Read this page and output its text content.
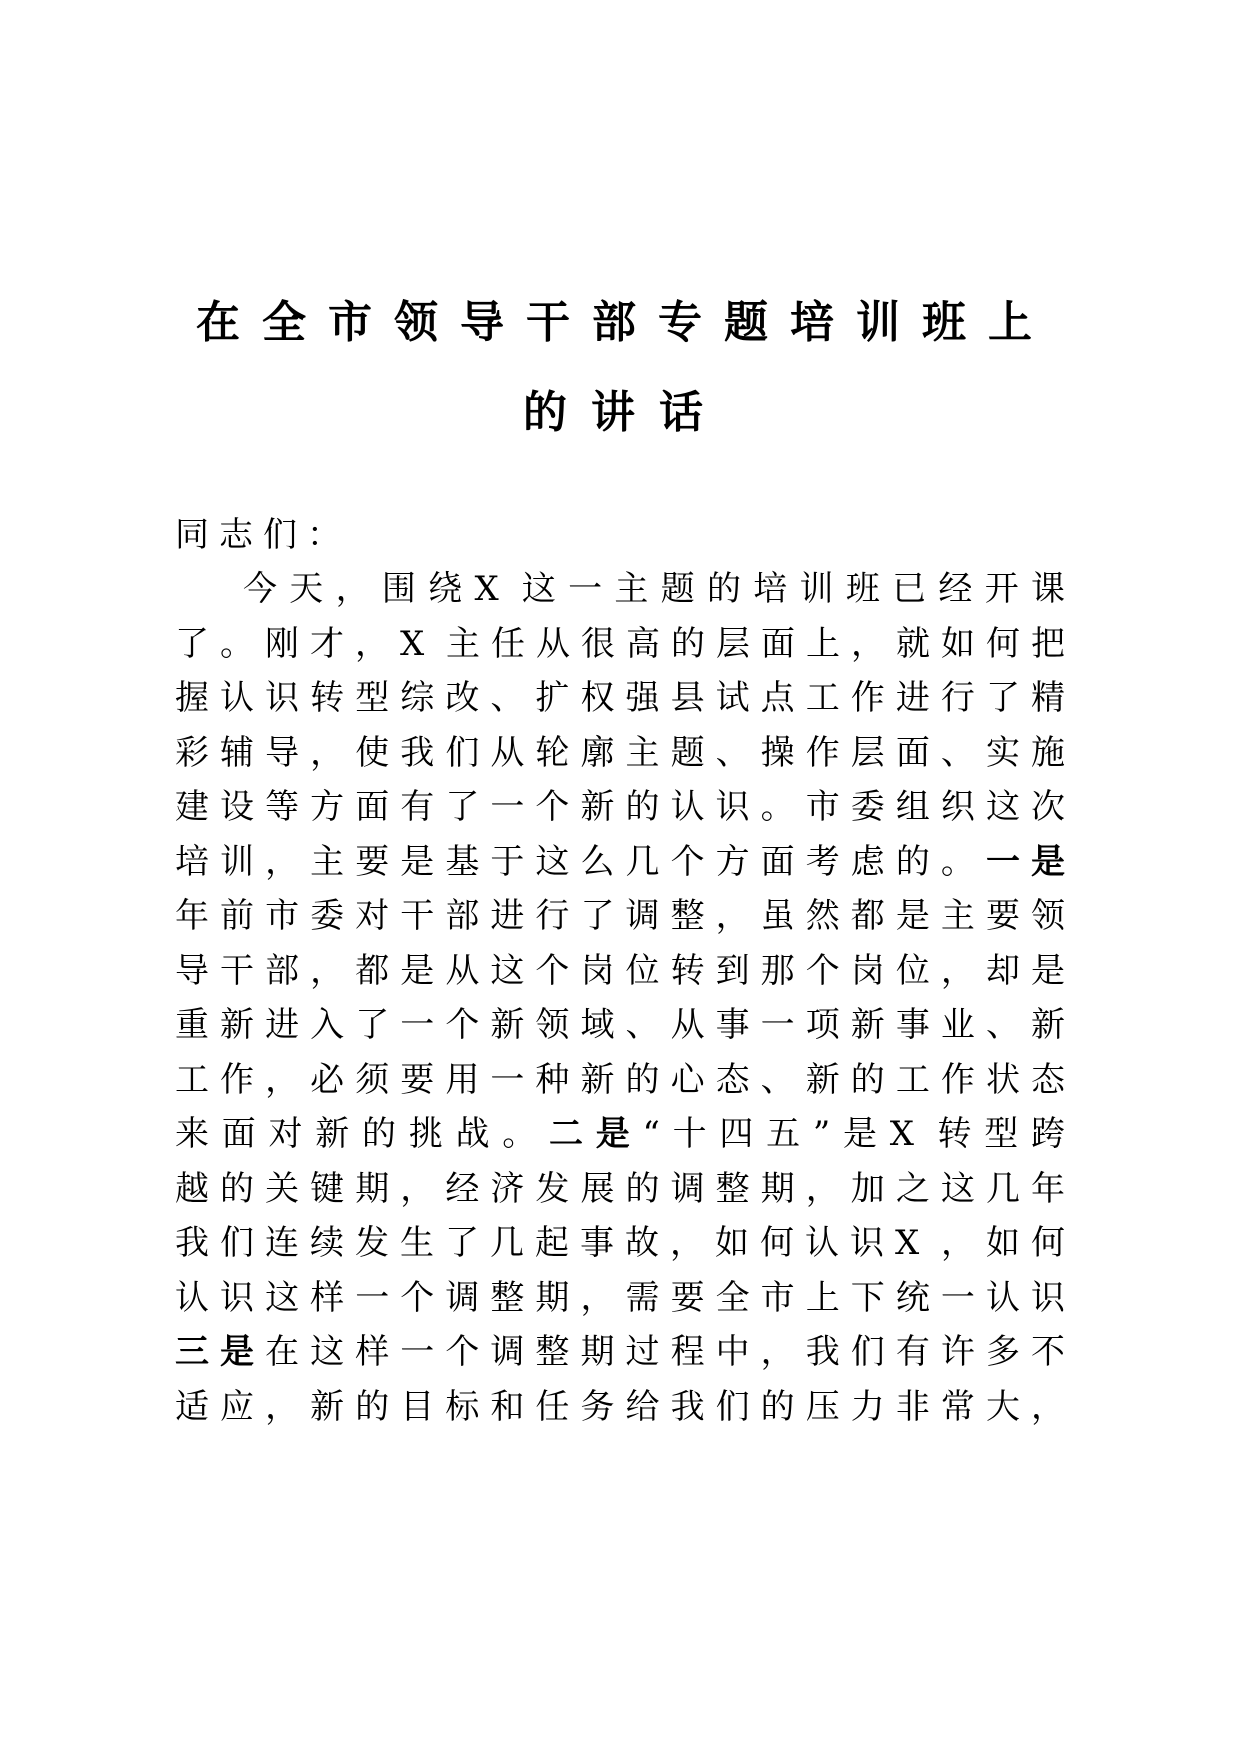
在全市领导干部专题培训班上
的讲话
同志们：
今天，围绕X 这一主题的培训班已经开课
了。刚才，X 主任从很高的层面上，就如何把
握认识转型综改、扩权强县试点工作进行了精
彩辅导，使我们从轮廓主题、操作层面、实施
建设等方面有了一个新的认识。市委组织这次
培训，主要是基于这么几个方面考虑的。一是
年前市委对干部进行了调整，虽然都是主要领
导干部，都是从这个岗位转到那个岗位，却是
重新进入了一个新领域、从事一项新事业、新
工作，必须要用一种新的心态、新的工作状态
来面对新的挑战。二是“十四五”是X 转型跨
越的关键期，经济发展的调整期，加之这几年
我们连续发生了几起事故，如何认识X ，如何
认识这样一个调整期，需要全市上下统一认识
三是在这样一个调整期过程中，我们有许多不
适应，新的目标和任务给我们的压力非常大，
